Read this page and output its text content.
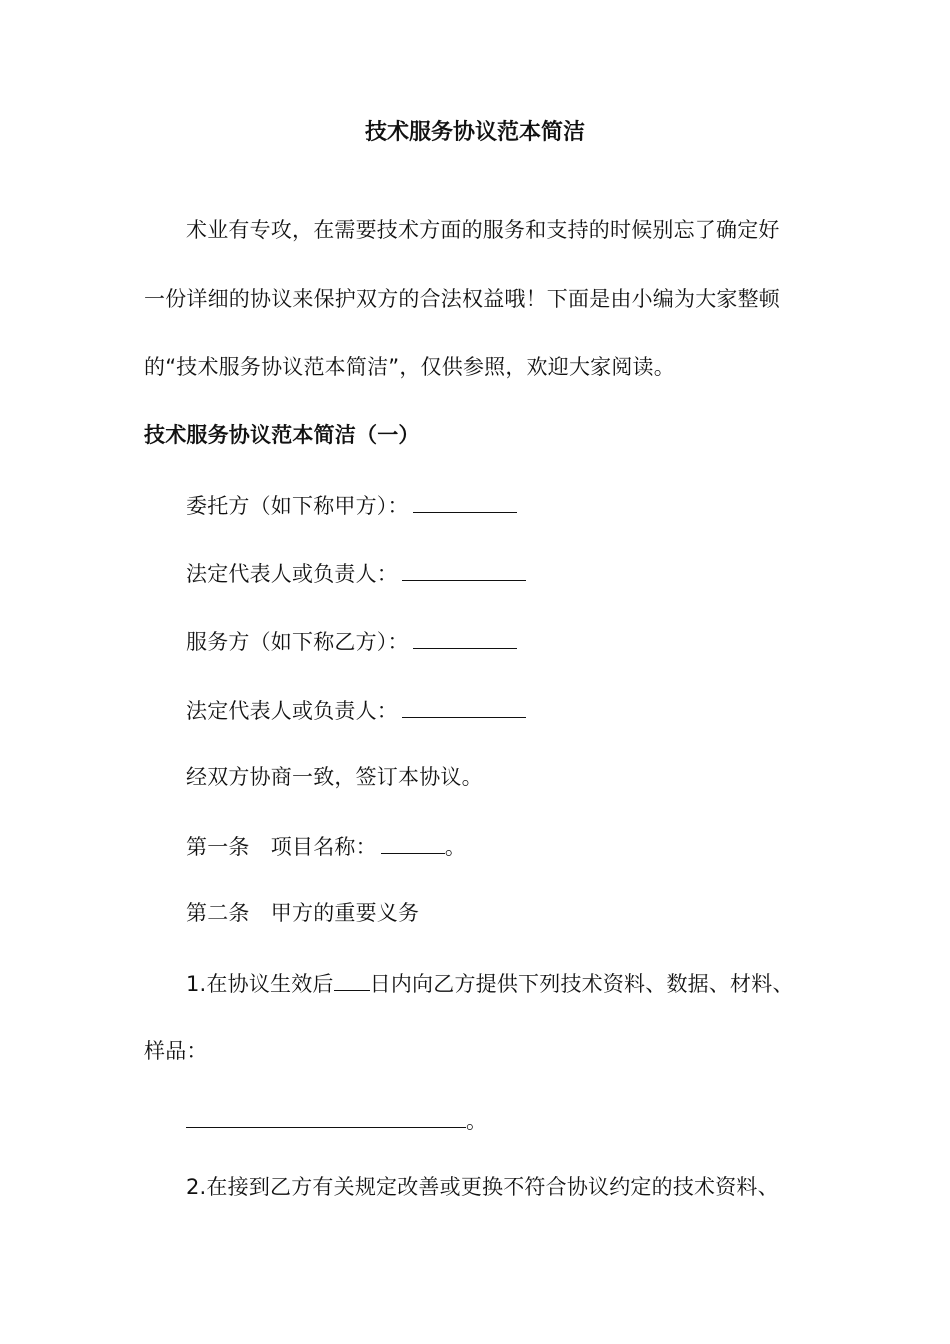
技术服务协议范本简洁
术业有专攻，在需要技术方面的服务和支持的时候别忘了确定好
一份详细的协议来保护双方的合法权益哦！下面是由小编为大家整顿
的“技术服务协议范本简洁”，仅供参照，欢迎大家阅读。
技术服务协议范本简洁（一）
委托方（如下称甲方）：
法定代表人或负责人：
服务方（如下称乙方）：
法定代表人或负责人：
经双方协商一致，签订本协议。
第一条　项目名称：	。
第二条　甲方的重要义务
1.在协议生效后 日内向乙方提供下列技术资料、数据、材料、
样品：
。
2.在接到乙方有关规定改善或更换不符合协议约定的技术资料、
